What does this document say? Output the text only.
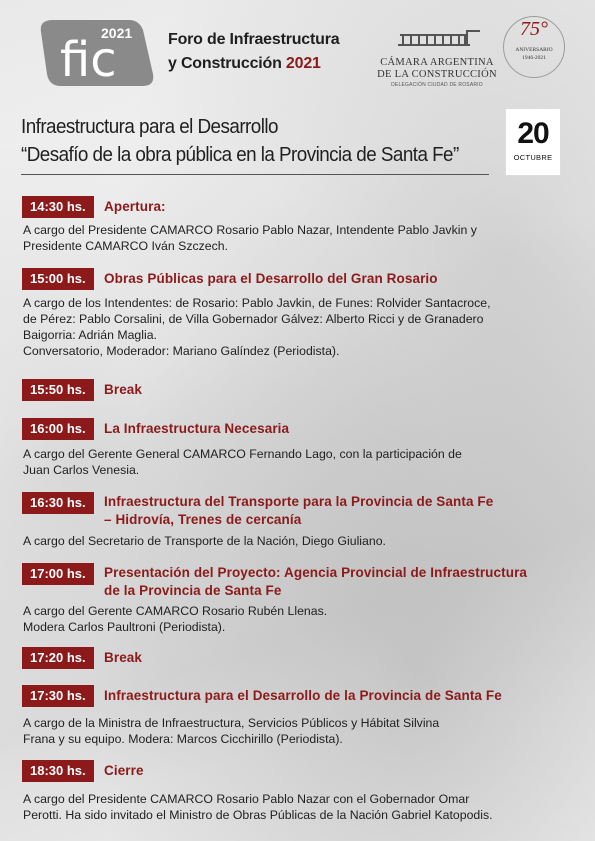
fic
2021 Foro de Infraestructura
y Construcción 2021	CÁMARA ARGENTINA
DE LA CONSTRUCCIÓN
DELEGACIÓN CIUDAD DE ROSARIO
75°
ANIVERSARIO
1946-2021
Infraestructura para el Desarrollo
“Desafío de la obra pública en la Provincia de Santa Fe”
20
OCTUBRE
14:30 hs.	Apertura:
A cargo del Presidente CAMARCO Rosario Pablo Nazar, Intendente Pablo Javkin y
Presidente CAMARCO Iván Szczech.
15:00 hs.	Obras Públicas para el Desarrollo del Gran Rosario
A cargo de los Intendentes: de Rosario: Pablo Javkin, de Funes: Rolvider Santacroce,
de Pérez: Pablo Corsalini, de Villa Gobernador Gálvez: Alberto Ricci y de Granadero
Baigorria: Adrián Maglia.
Conversatorio, Moderador: Mariano Galíndez (Periodista).
15:50 hs.	Break
16:00 hs.	La Infraestructura Necesaria
A cargo del Gerente General CAMARCO Fernando Lago, con la participación de
Juan Carlos Venesia.
16:30 hs.	Infraestructura del Transporte para la Provincia de Santa Fe
– Hidrovía, Trenes de cercanía
A cargo del Secretario de Transporte de la Nación, Diego Giuliano.
17:00 hs.	Presentación del Proyecto: Agencia Provincial de Infraestructura
de la Provincia de Santa Fe
A cargo del Gerente CAMARCO Rosario Rubén Llenas.
Modera Carlos Paultroni (Periodista).
17:20 hs.	Break
17:30 hs.	Infraestructura para el Desarrollo de la Provincia de Santa Fe
A cargo de la Ministra de Infraestructura, Servicios Públicos y Hábitat Silvina
Frana y su equipo. Modera: Marcos Cicchirillo (Periodista).
18:30 hs.	Cierre
A cargo del Presidente CAMARCO Rosario Pablo Nazar con el Gobernador Omar
Perotti. Ha sido invitado el Ministro de Obras Públicas de la Nación Gabriel Katopodis.
